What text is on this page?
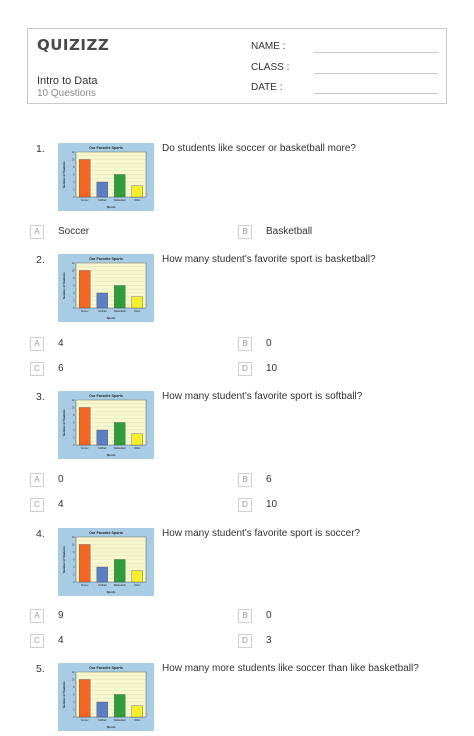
QUIZIZZ
Intro to Data
10 Questions
NAME :
CLASS :
DATE :
1.	Our Favorite Sports
0
2
4
6
8
10
12
Soccer	Softball	Basketball	Other
Sports
Number of Students
Do students like soccer or basketball more?
A	Soccer	B	Basketball
2.	Our Favorite Sports
0
2
4
6
8
10
12
Soccer	Softball	Basketball	Other
Sports
Number of Students
How many student's favorite sport is basketball?
A	4	B	0
C	6	D	10
3.	Our Favorite Sports
0
2
4
6
8
10
12
Soccer	Softball	Basketball	Other
Sports
Number of Students
How many student's favorite sport is softball?
A	0	B	6
C	4	D	10
4.	Our Favorite Sports
0
2
4
6
8
10
12
Soccer	Softball	Basketball	Other
Sports
Number of Students
How many student's favorite sport is soccer?
A	9	B	0
C	4	D	3
5.	Our Favorite Sports
0
2
4
6
8
10
12
Soccer	Softball	Basketball	Other
Sports
Number of Students
How many more students like soccer than like basketball?
